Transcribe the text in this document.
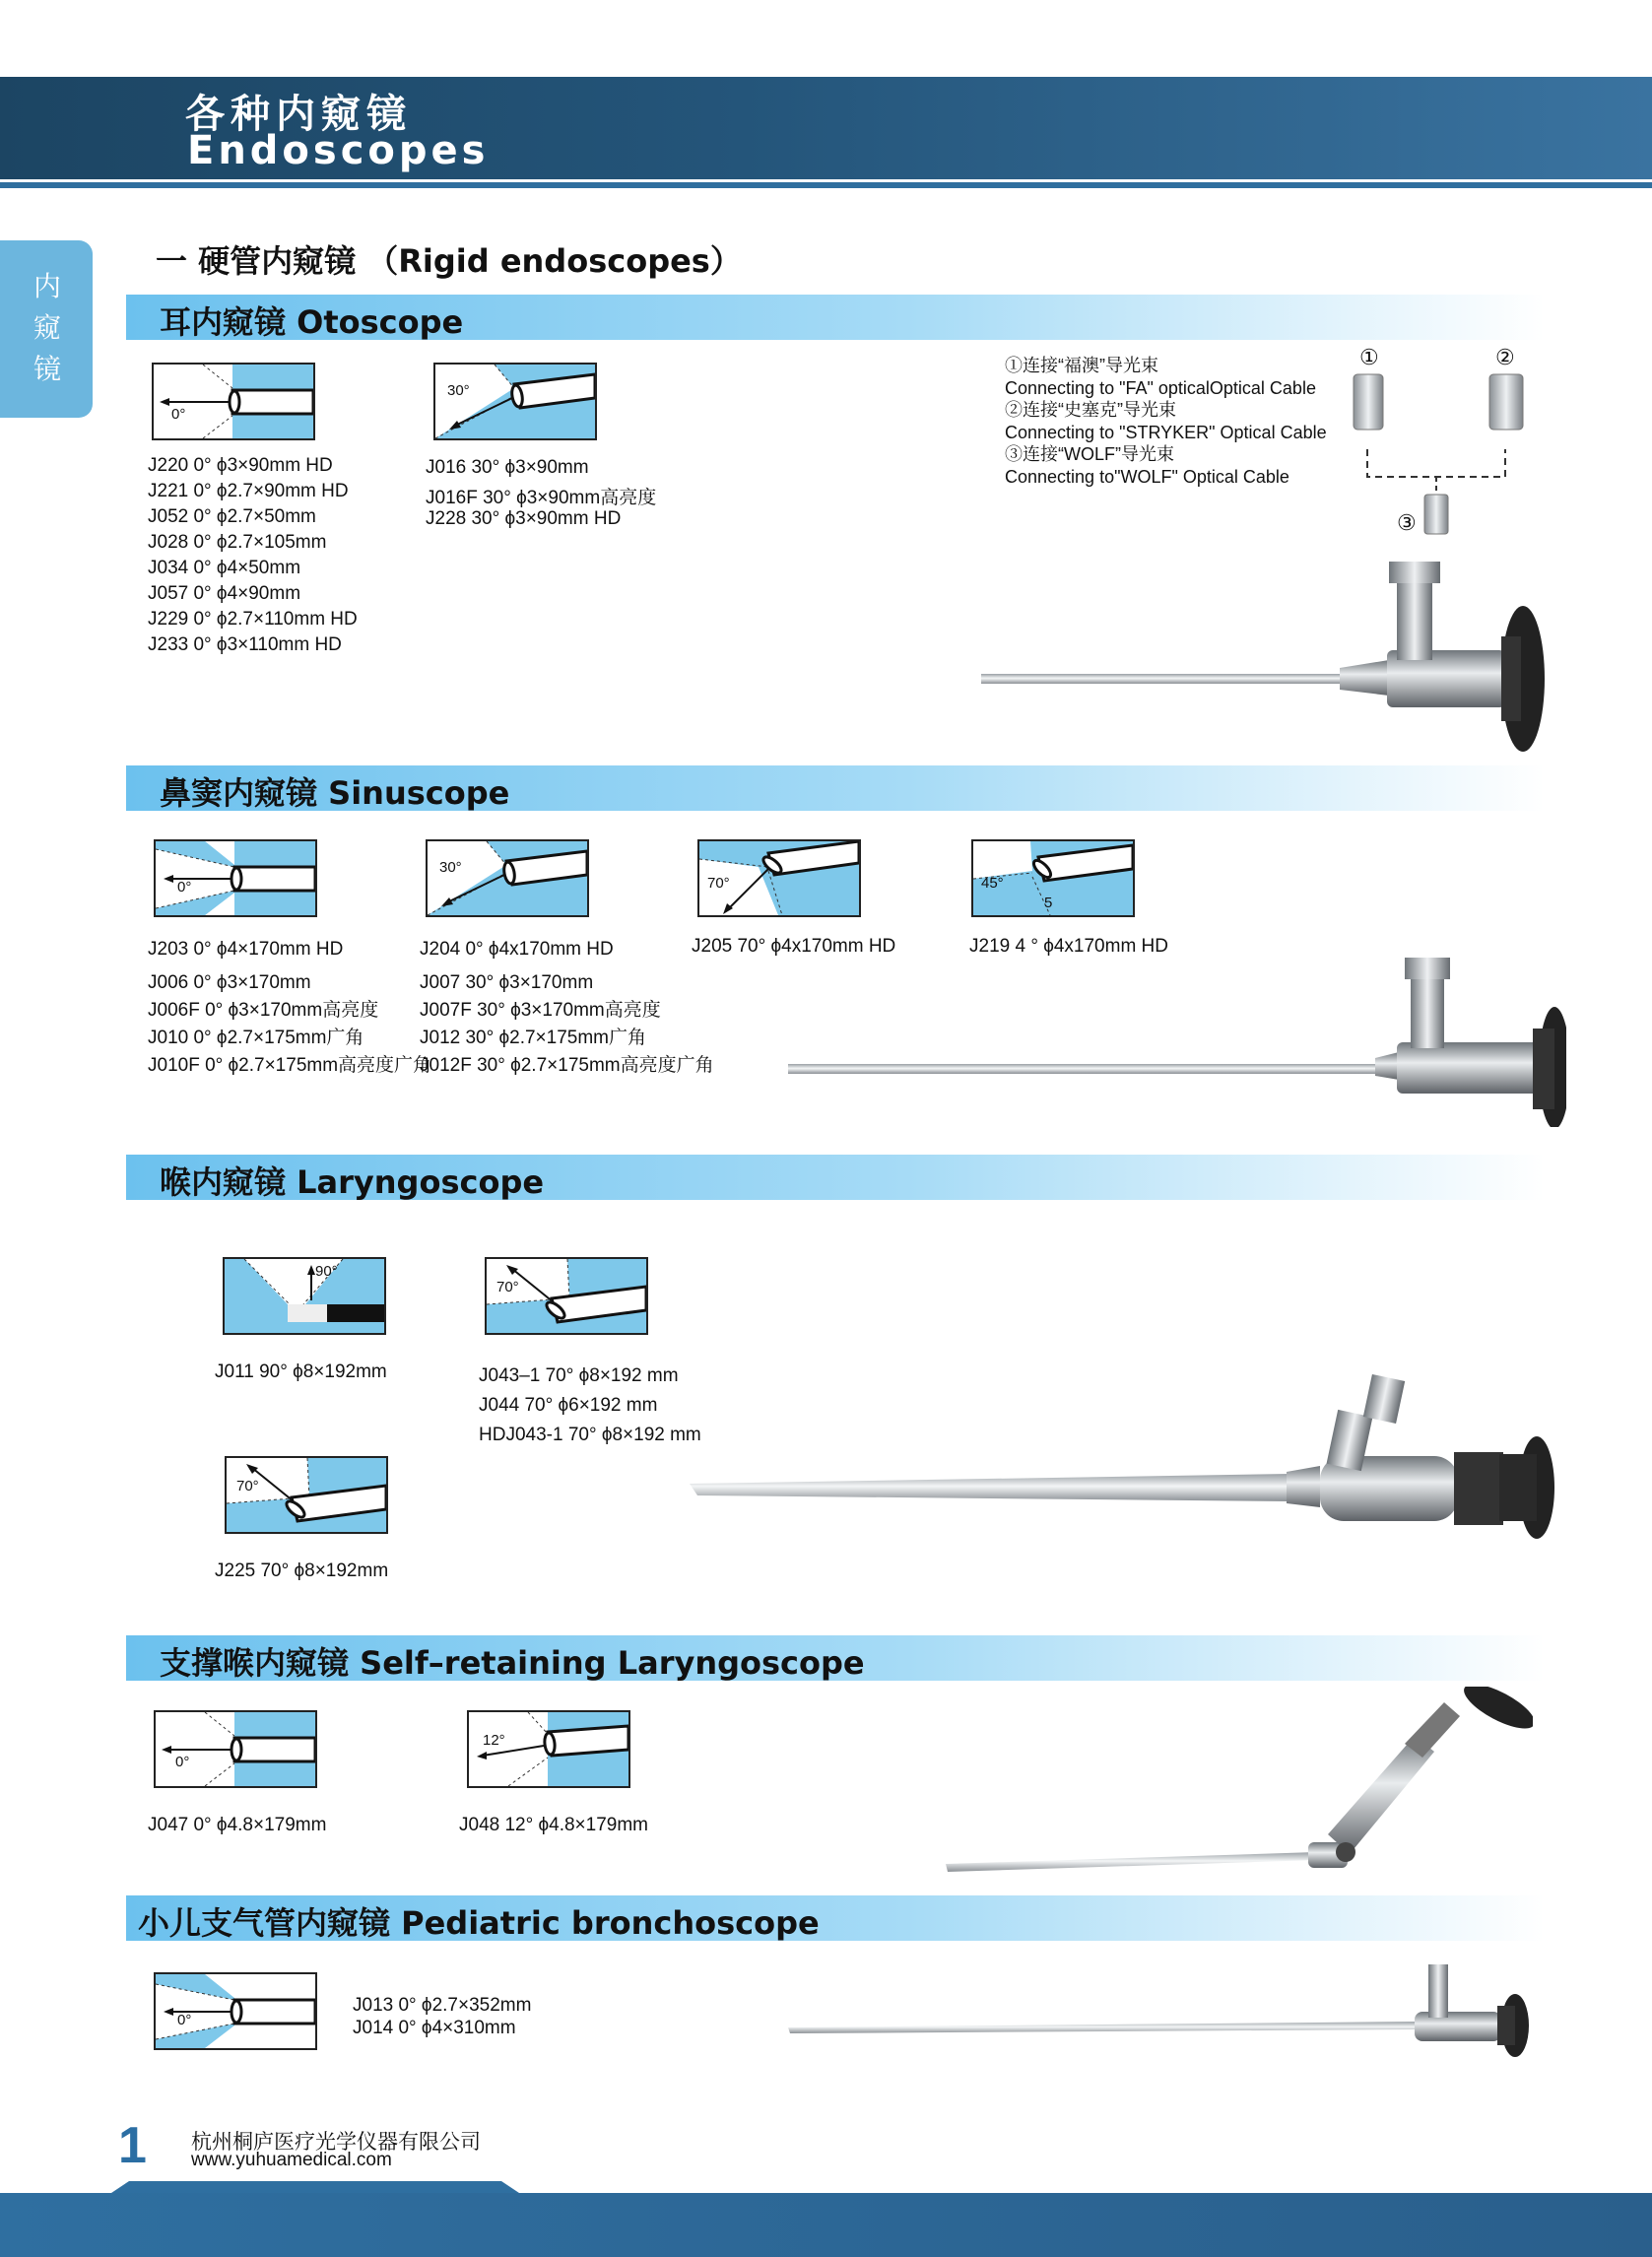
各种内窥镜
Endoscopes
内窥镜
一 硬管内窥镜 （Rigid endoscopes）
耳内窥镜 Otoscope
0°
30°
J220 0° ϕ3×90mm HD
J221 0° ϕ2.7×90mm HD
J052 0° ϕ2.7×50mm
J028 0° ϕ2.7×105mm
J034 0° ϕ4×50mm
J057 0° ϕ4×90mm
J229 0° ϕ2.7×110mm HD
J233 0° ϕ3×110mm HD
J016 30° ϕ3×90mm
J016F 30° ϕ3×90mm高亮度
J228 30° ϕ3×90mm HD
①连接“福澳”导光束
Connecting to "FA" opticalOptical Cable
②连接“史塞克”导光束
Connecting to "STRYKER" Optical Cable
③连接“WOLF”导光束
Connecting to"WOLF" Optical Cable
①	②
③
鼻窦内窥镜 Sinuscope
0°
30°
70°	45°
5
J203 0° ϕ4×170mm HD
J006 0° ϕ3×170mm
J006F 0° ϕ3×170mm高亮度
J010 0° ϕ2.7×175mm广角
J010F 0° ϕ2.7×175mm高亮度广角
J204 0° ϕ4x170mm HD
J007 30° ϕ3×170mm
J007F 30° ϕ3×170mm高亮度
J012 30° ϕ2.7×175mm广角
J012F 30° ϕ2.7×175mm高亮度广角
J205 70° ϕ4x170mm HD	J219 4 ° ϕ4x170mm HD
喉内窥镜 Laryngoscope
90°
70°
70°
J011 90° ϕ8×192mm	J043–1 70° ϕ8×192 mm
J044 70° ϕ6×192 mm
HDJ043-1 70° ϕ8×192 mm
J225 70° ϕ8×192mm
支撑喉内窥镜 Self–retaining Laryngoscope
0°
12°
J047 0° ϕ4.8×179mm	J048 12° ϕ4.8×179mm
小儿支气管内窥镜 Pediatric bronchoscope
0°
J013 0° ϕ2.7×352mm
J014 0° ϕ4×310mm
1 杭州桐庐医疗光学仪器有限公司
www.yuhuamedical.com
